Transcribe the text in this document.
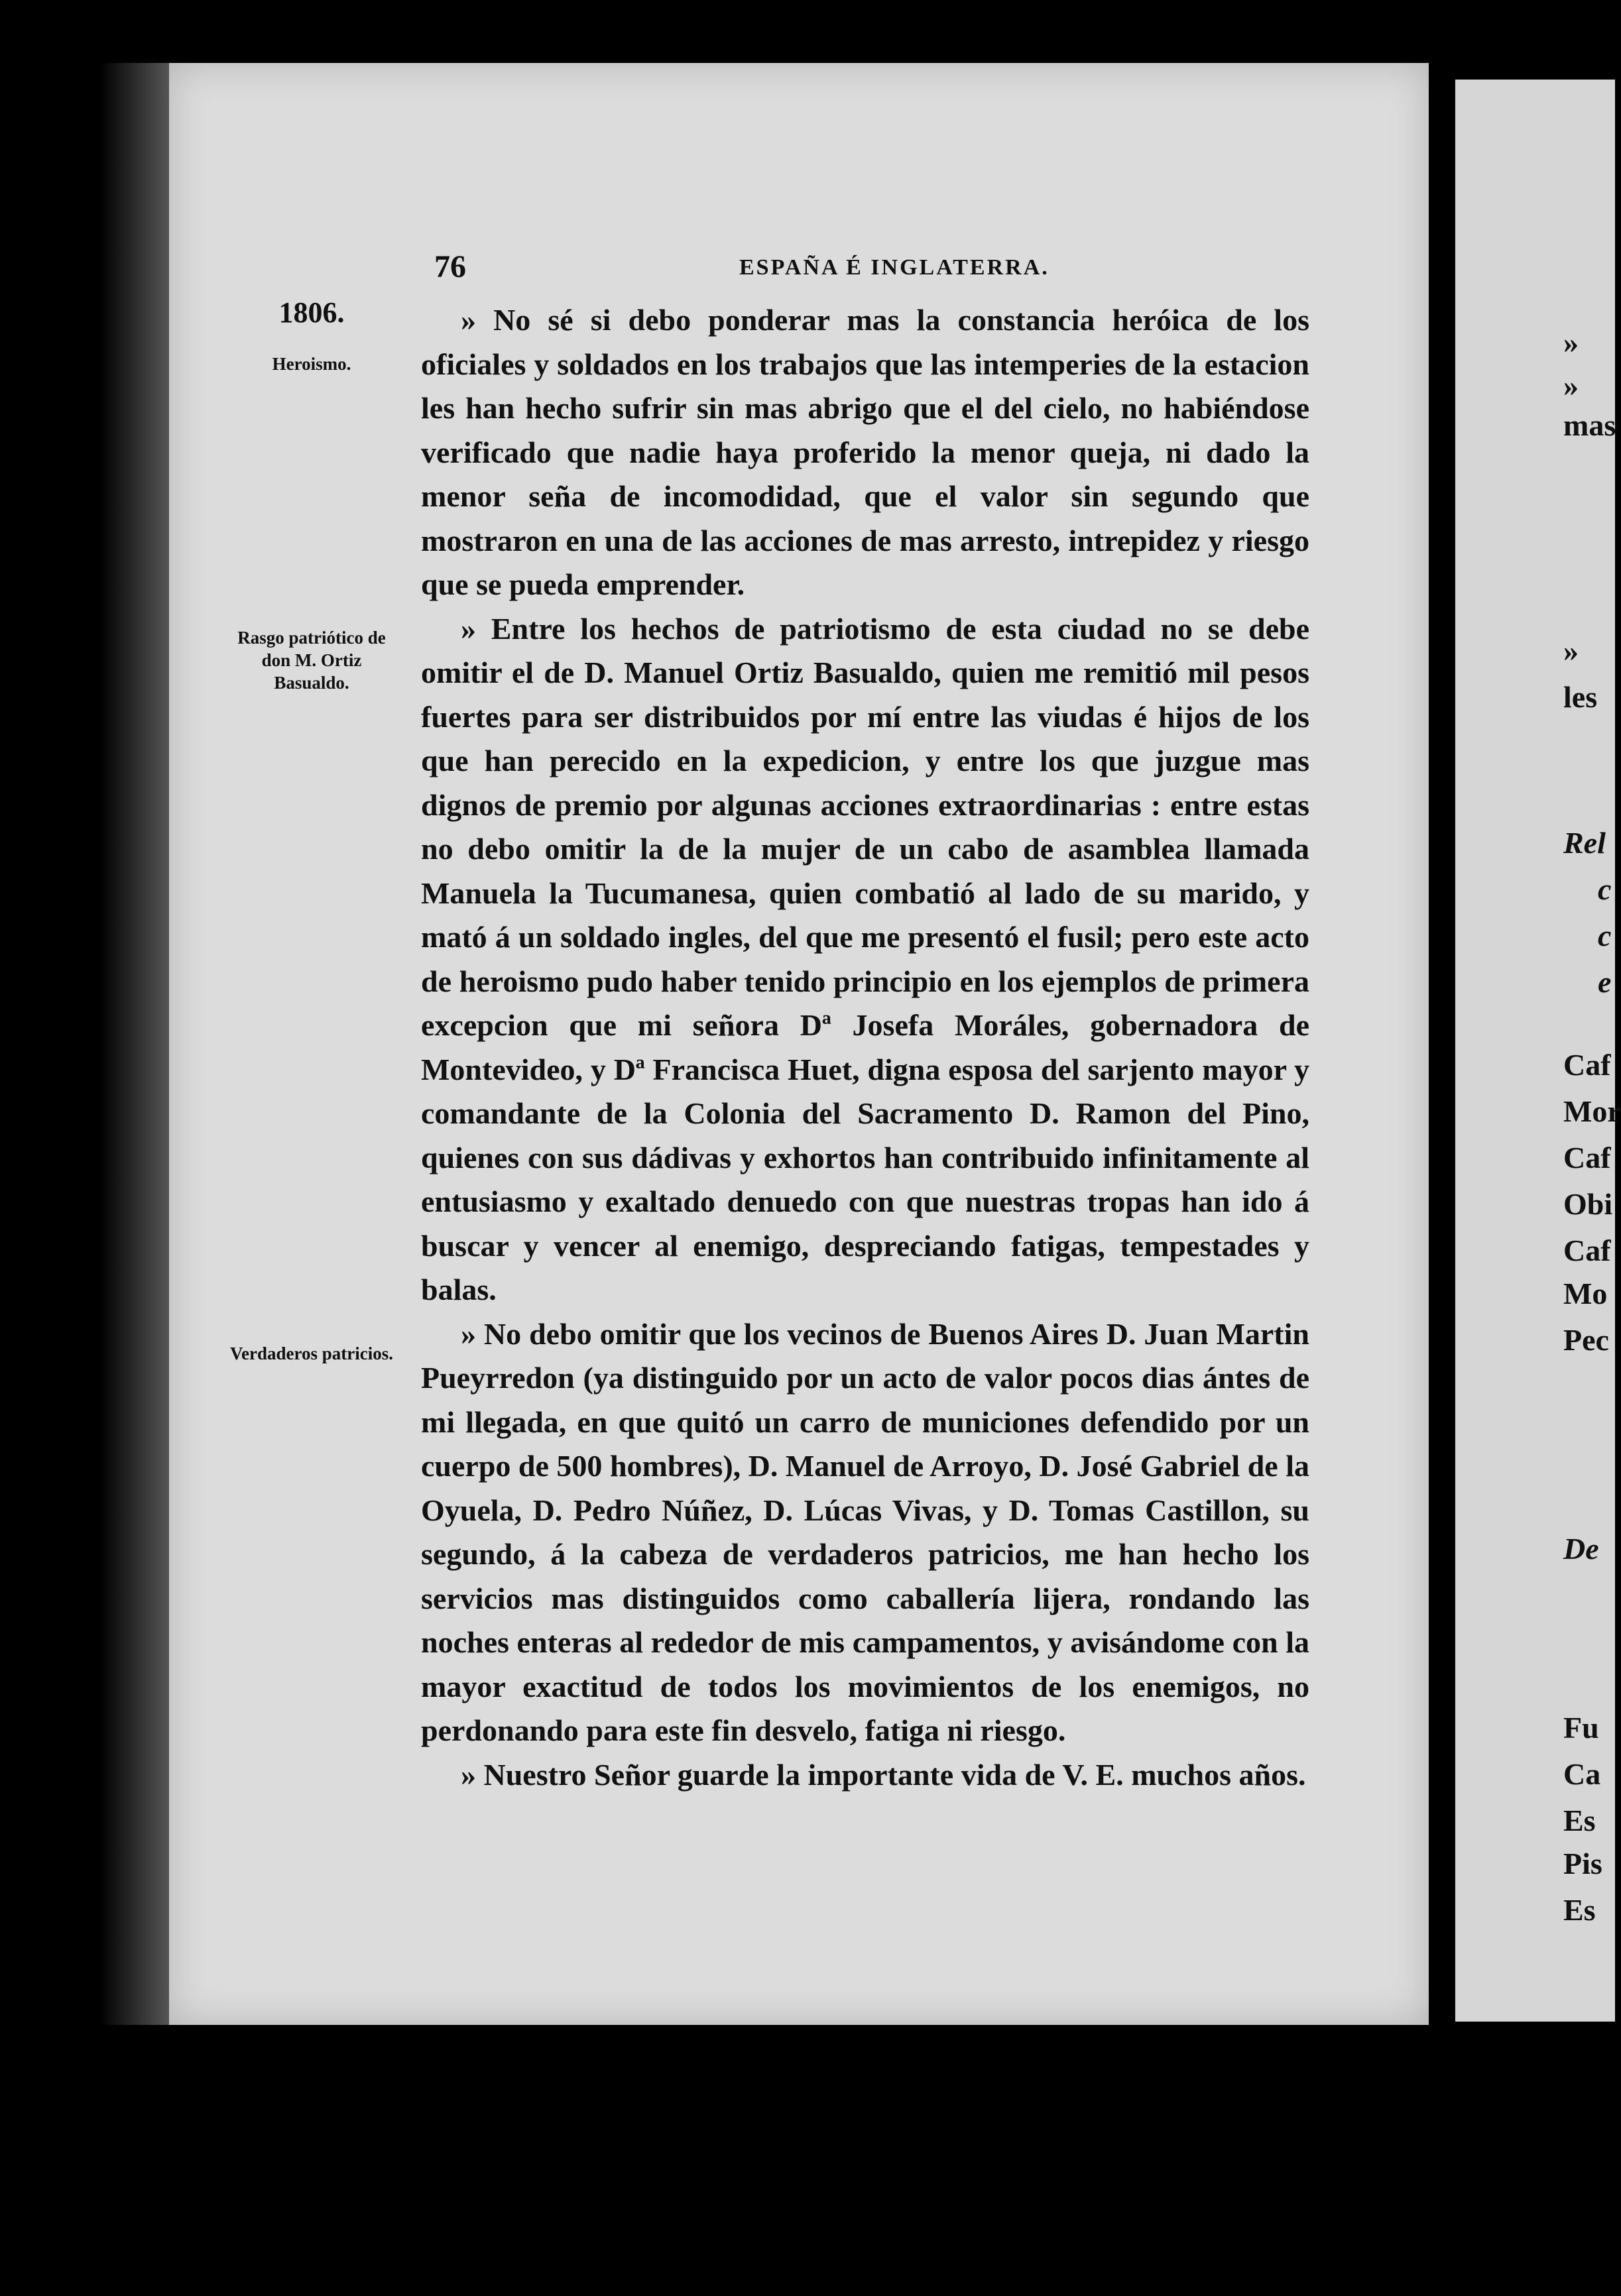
76	ESPAÑA É INGLATERRA.
1806.
Heroismo.
Rasgo patriótico de don M. Ortiz Basualdo.
Verdaderos patricios.

» No sé si debo ponderar mas la constancia heróica de los oficiales y soldados en los trabajos que las intemperies de la estacion les han hecho sufrir sin mas abrigo que el del cielo, no habiéndose verificado que nadie haya proferido la menor queja, ni dado la menor seña de incomodidad, que el valor sin segundo que mostraron en una de las acciones de mas arresto, intrepidez y riesgo que se pueda emprender.

» Entre los hechos de patriotismo de esta ciudad no se debe omitir el de D. Manuel Ortiz Basualdo, quien me remitió mil pesos fuertes para ser distribuidos por mí entre las viudas é hijos de los que han perecido en la expedicion, y entre los que juzgue mas dignos de premio por algunas acciones extraordinarias : entre estas no debo omitir la de la mujer de un cabo de asamblea llamada Manuela la Tucumanesa, quien combatió al lado de su marido, y mató á un soldado ingles, del que me presentó el fusil; pero este acto de heroismo pudo haber tenido principio en los ejemplos de primera excepcion que mi señora Dª Josefa Moráles, gobernadora de Montevideo, y Dª Francisca Huet, digna esposa del sarjento mayor y comandante de la Colonia del Sacramento D. Ramon del Pino, quienes con sus dádivas y exhortos han contribuido infinitamente al entusiasmo y exaltado denuedo con que nuestras tropas han ido á buscar y vencer al enemigo, despreciando fatigas, tempestades y balas.

» No debo omitir que los vecinos de Buenos Aires D. Juan Martin Pueyrredon (ya distinguido por un acto de valor pocos dias ántes de mi llegada, en que quitó un carro de municiones defendido por un cuerpo de 500 hombres), D. Manuel de Arroyo, D. José Gabriel de la Oyuela, D. Pedro Núñez, D. Lúcas Vivas, y D. Tomas Castillon, su segundo, á la cabeza de verdaderos patricios, me han hecho los servicios mas distinguidos como caballería lijera, rondando las noches enteras al rededor de mis campamentos, y avisándome con la mayor exactitud de todos los movimientos de los enemigos, no perdonando para este fin desvelo, fatiga ni riesgo.

» Nuestro Señor guarde la importante vida de V. E. muchos años.

»
»
mas
»
les
Rel
c
c
e
Caf
Mor
Caf
Obi
Caf
Mo
Pec
De
Fu
Ca
Es
Pis
Es
